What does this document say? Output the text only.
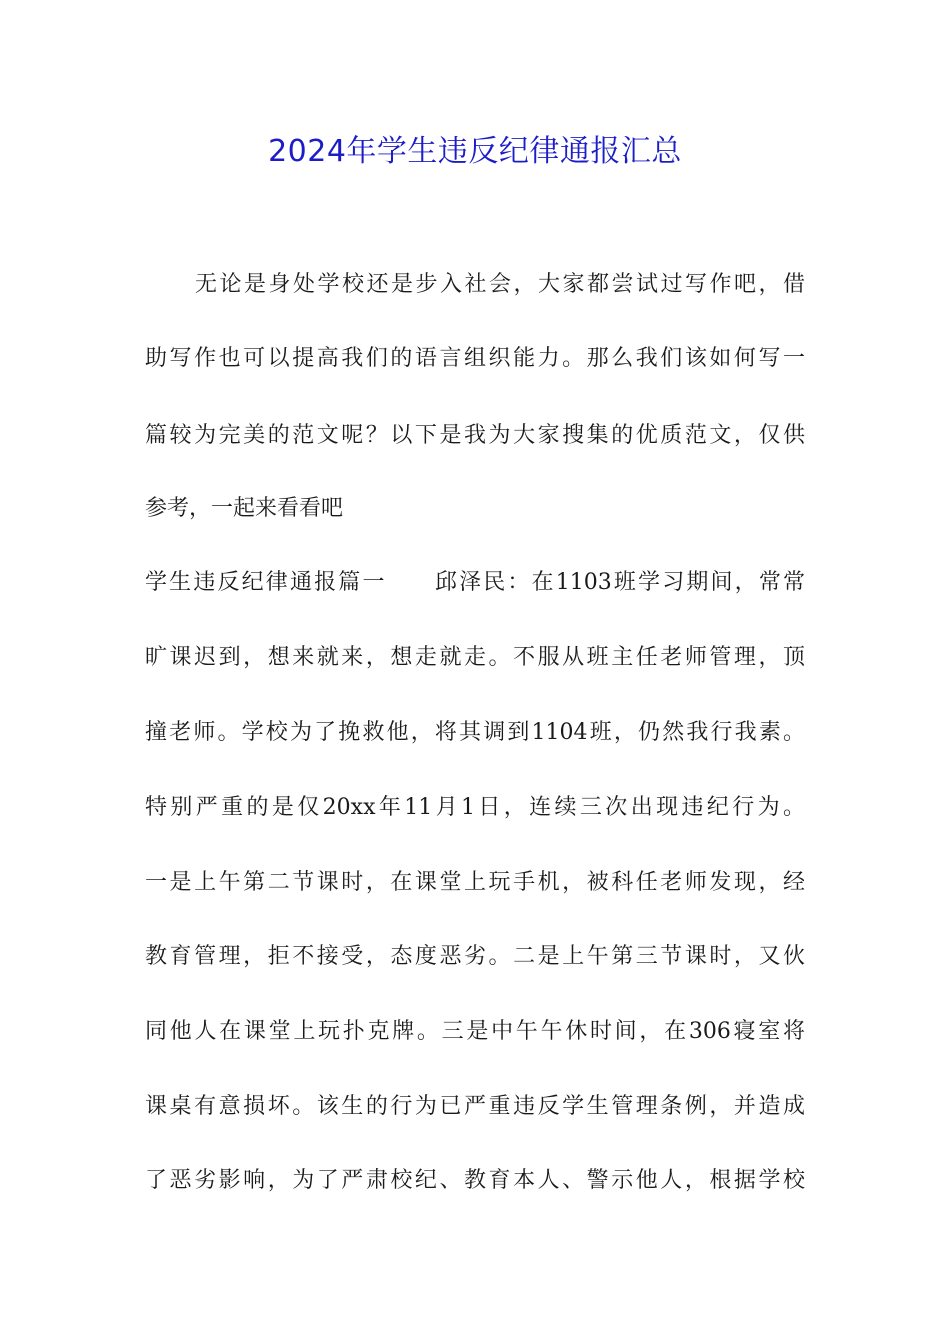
2024年学生违反纪律通报汇总

无论是身处学校还是步入社会，大家都尝试过写作吧，借

助写作也可以提高我们的语言组织能力。那么我们该如何写一

篇较为完美的范文呢？以下是我为大家搜集的优质范文，仅供

参考，一起来看看吧

学生违反纪律通报篇一　　邱泽民：在1103班学习期间，常常

旷课迟到，想来就来，想走就走。不服从班主任老师管理，顶

撞老师。学校为了挽救他，将其调到1104班，仍然我行我素。

特别严重的是仅20xx年11月1日，连续三次出现违纪行为。

一是上午第二节课时，在课堂上玩手机，被科任老师发现，经

教育管理，拒不接受，态度恶劣。二是上午第三节课时，又伙

同他人在课堂上玩扑克牌。三是中午午休时间，在306寝室将

课桌有意损坏。该生的行为已严重违反学生管理条例，并造成

了恶劣影响，为了严肃校纪、教育本人、警示他人，根据学校
